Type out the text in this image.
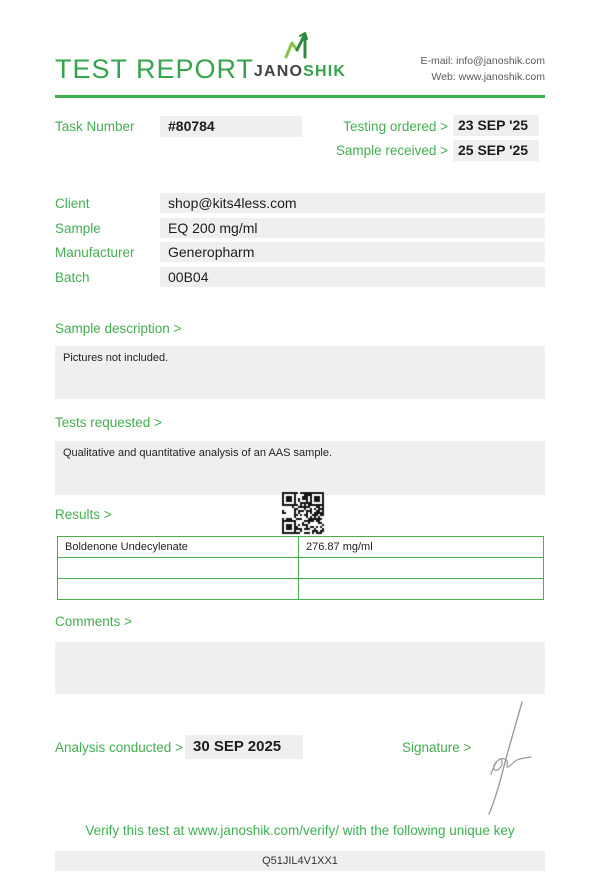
TEST REPORT JANOSHIK
E-mail: info@janoshik.com
Web: www.janoshik.com
Task Number	#80784	Testing ordered > 23 SEP '25
Sample received > 25 SEP '25
Client	shop@kits4less.com
Sample	EQ 200 mg/ml
Manufacturer	Generopharm
Batch	00B04
Sample description >
Pictures not included.
Tests requested >
Qualitative and quantitative analysis of an AAS sample.
Results >
Boldenone Undecylenate	276.87 mg/ml

Comments >
Analysis conducted > 30 SEP 2025	Signature >
Verify this test at www.janoshik.com/verify/ with the following unique key
Q51JIL4V1XX1
